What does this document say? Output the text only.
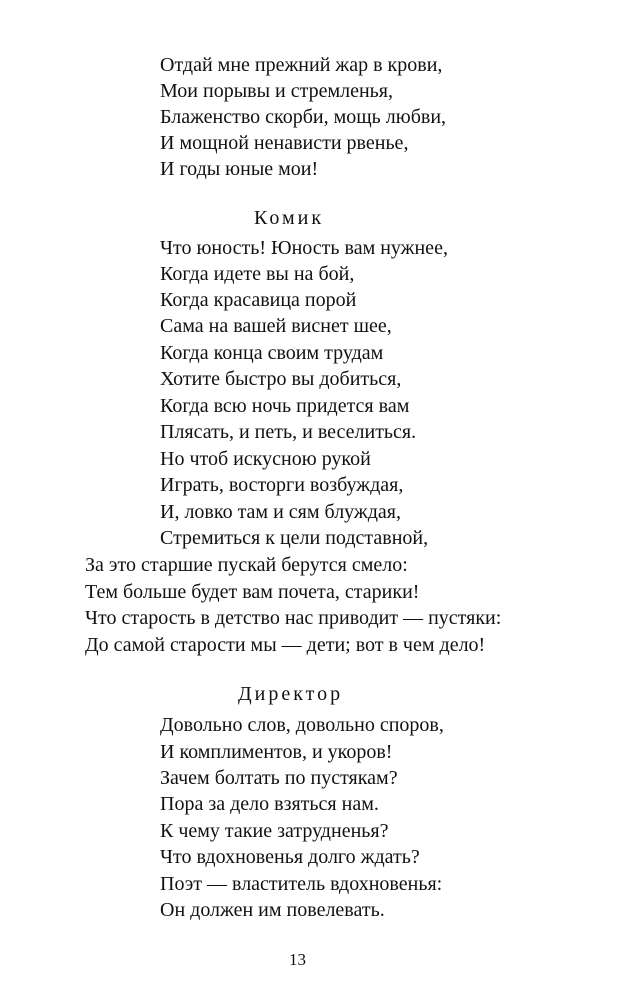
Отдай мне прежний жар в крови,
Мои порывы и стремленья,
Блаженство скорби, мощь любви,
И мощной ненависти рвенье,
И годы юные мои!
Комик
Что юность! Юность вам нужнее,
Когда идете вы на бой,
Когда красавица порой
Сама на вашей виснет шее,
Когда конца своим трудам
Хотите быстро вы добиться,
Когда всю ночь придется вам
Плясать, и петь, и веселиться.
Но чтоб искусною рукой
Играть, восторги возбуждая,
И, ловко там и сям блуждая,
Стремиться к цели подставной,
За это старшие пускай берутся смело:
Тем больше будет вам почета, старики!
Что старость в детство нас приводит — пустяки:
До самой старости мы — дети; вот в чем дело!
Директор
Довольно слов, довольно споров,
И комплиментов, и укоров!
Зачем болтать по пустякам?
Пора за дело взяться нам.
К чему такие затрудненья?
Что вдохновенья долго ждать?
Поэт — властитель вдохновенья:
Он должен им повелевать.
13
